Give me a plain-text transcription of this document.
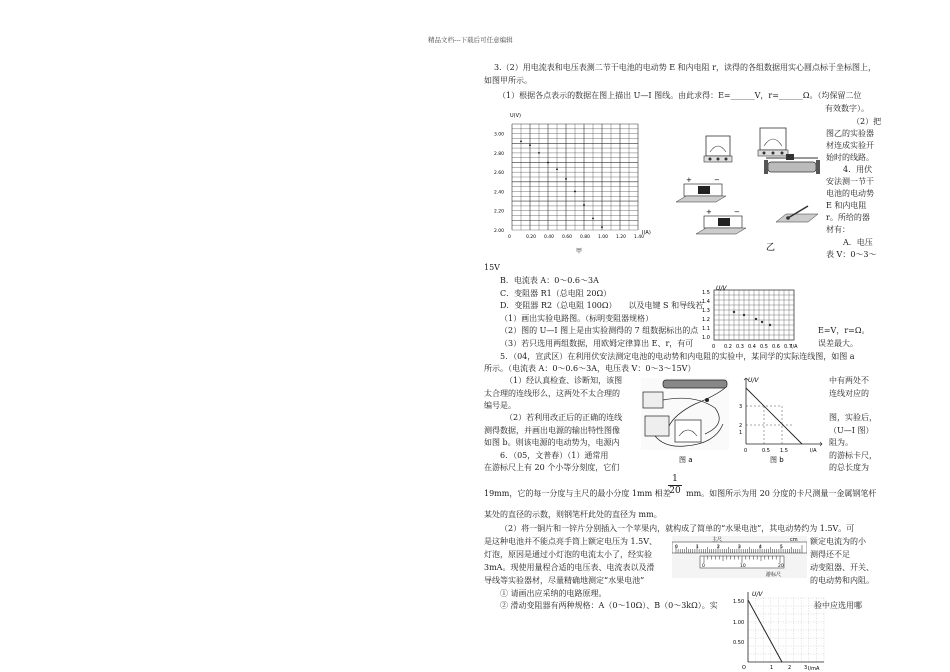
精品文档---下载后可任意编辑
3.（2）用电流表和电压表测二节干电池的电动势 E 和内电阻 r，读得的各组数据用实心圆点标于坐标图上，
如图甲所示。
（1）根据各点表示的数据在图上描出 U—I 图线。由此求得：E=______V，r=______Ω。（均保留二位
有效数字）。
（2）把
图乙的实验器
材连成实验开
始时的线路。
4．用伏
安法测一节干
电池的电动势
E 和内电阻
r。所给的器
材有：
A．电压
表 V：0～3～
15V
B．电流表 A：0～0.6～3A
C．变阻器 R1（总电阻 20Ω）
D．变阻器 R2（总电阻 100Ω）　　以及电键 S 和导线若
（1）画出实验电路图。（标明变阻器规格）
（2）图的 U—I 图上是由实验测得的 7 组数据标出的点	E=V，r=Ω。
（3）若只选用两组数据，用欧姆定律算出 E、r，有可	误差最大。
5．（04，宣武区）在利用伏安法测定电池的电动势和内电阻的实验中，某同学的实际连线图，如图 a
所示。（电流表 A：0～0.6～3A，电压表 V：0～3～15V）
（1）经认真检查、诊断知，该图	中有两处不
太合理的连线形么，这两处不太合理的	连线对应的
编号是。
（2）若利用改正后的正确的连线	图，实验后，
测得数据，并画出电源的输出特性图像	（U—I 图）
如图 b。则该电源的电动势为，电源内	阻为。
6．（05，文普春）（1）通常用	的游标卡尺，
在游标尺上有 20 个小等分刻度，它们	的总长度为
19mm，它的每一分度与主尺的最小分度 1mm 相差
$\frac{1}{20}$ mm。如图所示为用 20 分度的卡尺测量一金属钢笔杆
某处的直径的示数，则钢笔杆此处的直径为 mm。
（2）将一铜片和一锌片分别插入一个苹果内，就构成了简单的“水果电池”，其电动势约为 1.5V。可
是这种电池并不能点亮手筒上额定电压为 1.5V、	额定电流为的小
灯泡，原因是通过小灯泡的电流太小了，经实验	测得还不足
3mA。现使用量程合适的电压表、电流表以及滑	动变阻器、开关、
导线等实验器材，尽量精确地测定“水果电池”	的电动势和内阻。
① 请画出应采纳的电路原理。
② 滑动变阻器有两种规格：A（0～10Ω）、B（0～3kΩ）。实	验中应选用哪
3.00
2.80
2.60
2.40
2.20
2.00
0	0.20 0.40 0.60 0.80 1.00 1.20 1.40
U(V)
I(A)
甲
+	−
+	−
乙
1.5
1.4
1.3
1.2
1.1
1.0
0 0.2 0.3 0.4 0.5 0.6 0.7
U/V
I/A
图 a
U/V
0	0.5 1.5	I/A
1
2
3
图 b
0	1	2	3	4	5
0	10	20
主尺	cm
游标尺
1.50
1.00
0.50
O	1	2	3
U/V
I/mA
